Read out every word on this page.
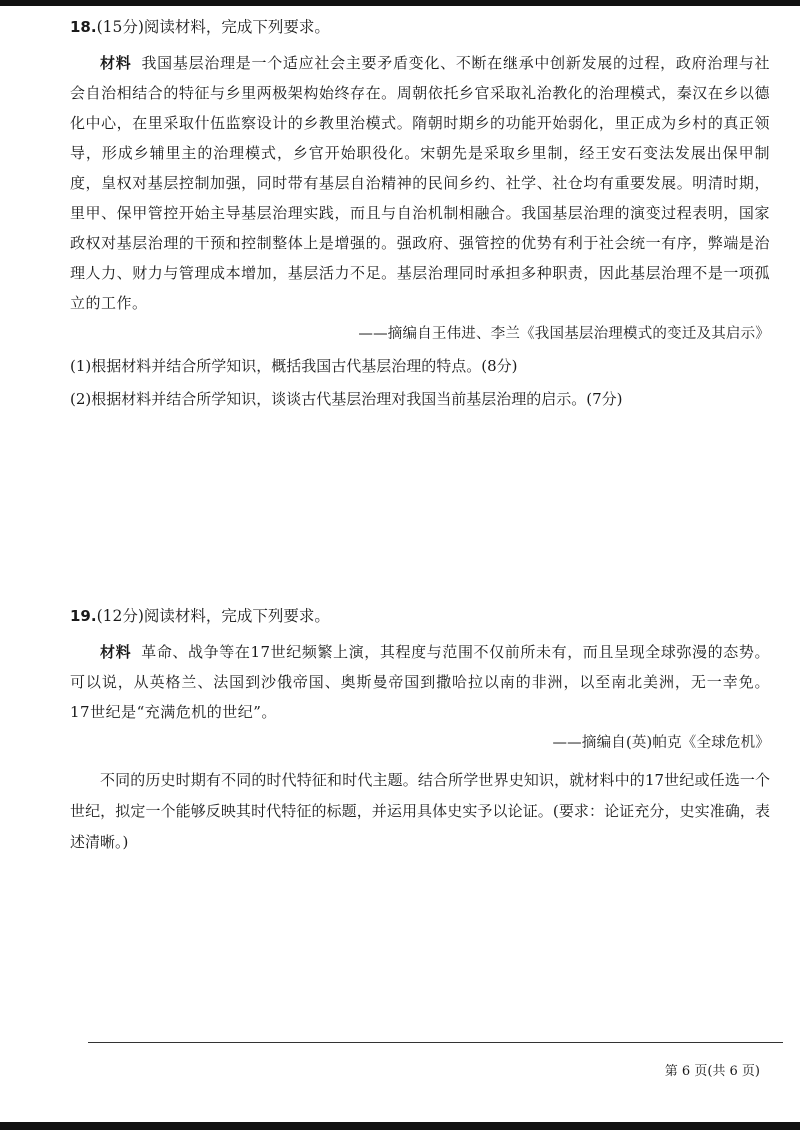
18.(15分)阅读材料，完成下列要求。

材料 我国基层治理是一个适应社会主要矛盾变化、不断在继承中创新发展的过程，政府治理与社会自治相结合的特征与乡里两极架构始终存在。周朝依托乡官采取礼治教化的治理模式，秦汉在乡以德化中心，在里采取什伍监察设计的乡教里治模式。隋朝时期乡的功能开始弱化，里正成为乡村的真正领导，形成乡辅里主的治理模式，乡官开始职役化。宋朝先是采取乡里制，经王安石变法发展出保甲制度，皇权对基层控制加强，同时带有基层自治精神的民间乡约、社学、社仓均有重要发展。明清时期，里甲、保甲管控开始主导基层治理实践，而且与自治机制相融合。我国基层治理的演变过程表明，国家政权对基层治理的干预和控制整体上是增强的。强政府、强管控的优势有利于社会统一有序，弊端是治理人力、财力与管理成本增加，基层活力不足。基层治理同时承担多种职责，因此基层治理不是一项孤立的工作。

——摘编自王伟进、李兰《我国基层治理模式的变迁及其启示》

(1)根据材料并结合所学知识，概括我国古代基层治理的特点。(8分)

(2)根据材料并结合所学知识，谈谈古代基层治理对我国当前基层治理的启示。(7分)

19.(12分)阅读材料，完成下列要求。

材料 革命、战争等在17世纪频繁上演，其程度与范围不仅前所未有，而且呈现全球弥漫的态势。可以说，从英格兰、法国到沙俄帝国、奥斯曼帝国到撒哈拉以南的非洲，以至南北美洲，无一幸免。17世纪是“充满危机的世纪”。

——摘编自(英)帕克《全球危机》

不同的历史时期有不同的时代特征和时代主题。结合所学世界史知识，就材料中的17世纪或任选一个世纪，拟定一个能够反映其时代特征的标题，并运用具体史实予以论证。(要求：论证充分，史实准确，表述清晰。)

第 6 页(共 6 页)
